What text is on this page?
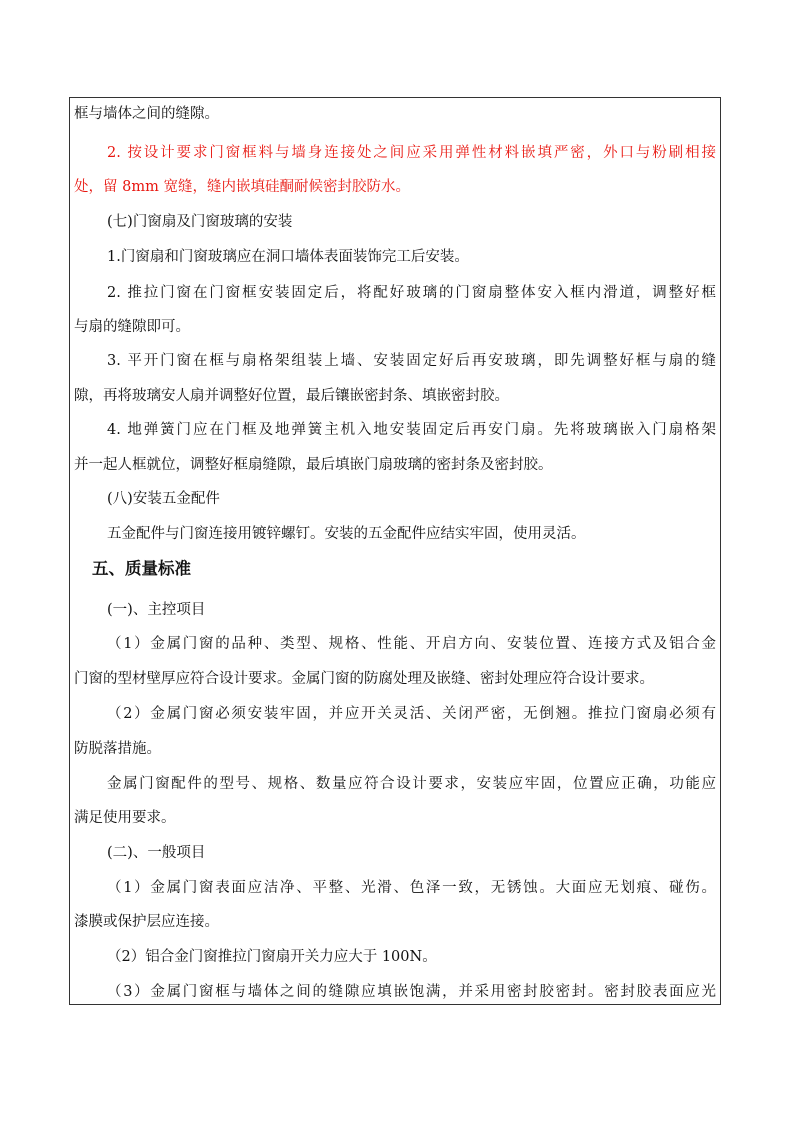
框与墙体之间的缝隙。
2. 按设计要求门窗框料与墙身连接处之间应采用弹性材料嵌填严密，外口与粉刷相接
处，留 8mm 宽缝，缝内嵌填硅酮耐候密封胶防水。
(七)门窗扇及门窗玻璃的安装
1.门窗扇和门窗玻璃应在洞口墙体表面装饰完工后安装。
2. 推拉门窗在门窗框安装固定后，将配好玻璃的门窗扇整体安入框内滑道，调整好框
与扇的缝隙即可。
3. 平开门窗在框与扇格架组装上墙、安装固定好后再安玻璃，即先调整好框与扇的缝
隙，再将玻璃安人扇并调整好位置，最后镶嵌密封条、填嵌密封胶。
4. 地弹簧门应在门框及地弹簧主机入地安装固定后再安门扇。先将玻璃嵌入门扇格架
并一起人框就位，调整好框扇缝隙，最后填嵌门扇玻璃的密封条及密封胶。
(八)安装五金配件
五金配件与门窗连接用镀锌螺钉。安装的五金配件应结实牢固，使用灵活。
五、质量标准
(一)、主控项目
（1）金属门窗的品种、类型、规格、性能、开启方向、安装位置、连接方式及铝合金
门窗的型材壁厚应符合设计要求。金属门窗的防腐处理及嵌缝、密封处理应符合设计要求。
（2）金属门窗必须安装牢固，并应开关灵活、关闭严密，无倒翘。推拉门窗扇必须有
防脱落措施。
金属门窗配件的型号、规格、数量应符合设计要求，安装应牢固，位置应正确，功能应
满足使用要求。
(二)、一般项目
（1）金属门窗表面应洁净、平整、光滑、色泽一致，无锈蚀。大面应无划痕、碰伤。
漆膜或保护层应连接。
（2）铝合金门窗推拉门窗扇开关力应大于 100N。
（3）金属门窗框与墙体之间的缝隙应填嵌饱满，并采用密封胶密封。密封胶表面应光
